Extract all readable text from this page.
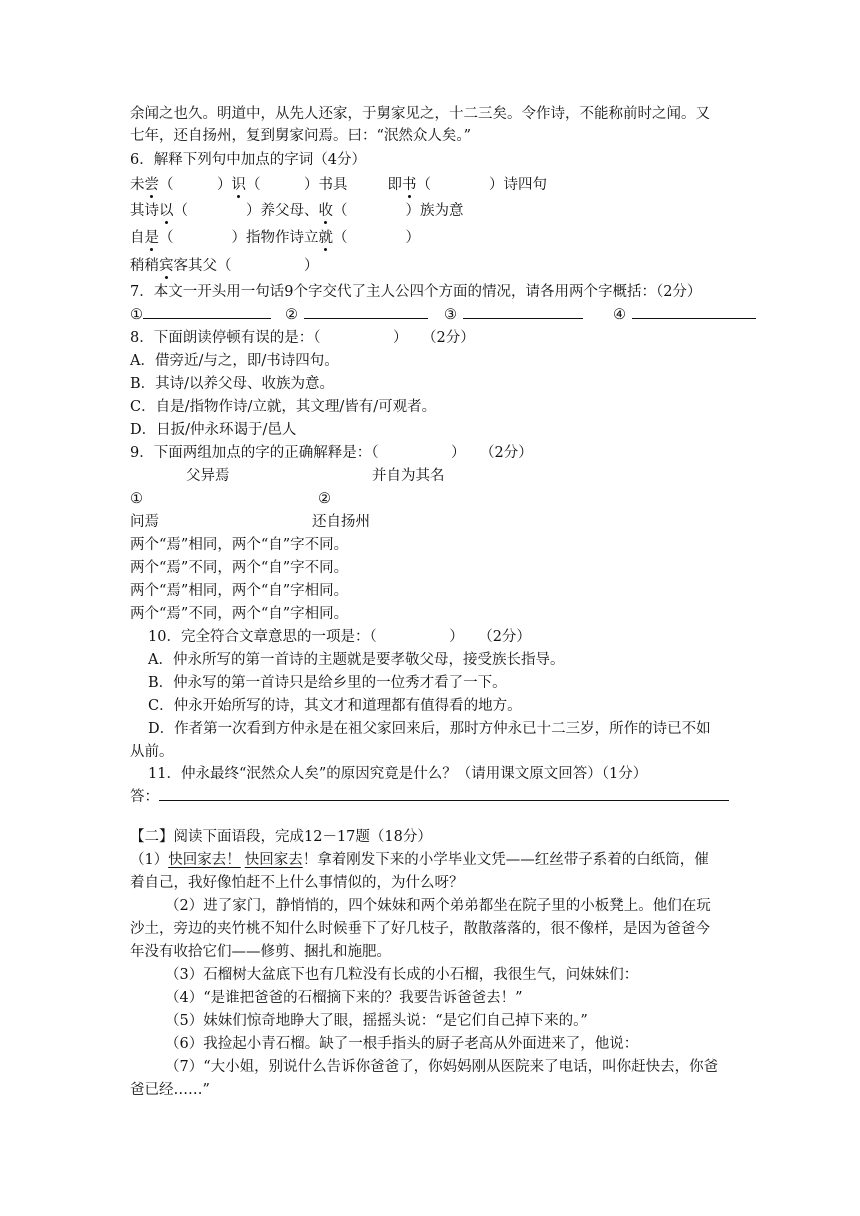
余闻之也久。明道中，从先人还家，于舅家见之，十二三矣。令作诗，不能称前时之闻。又
七年，还自扬州，复到舅家问焉。曰：“泯然众人矣。”
6．解释下列句中加点的字词（4分）
未尝（　　　）识（　　　）书具	即书（　　　　）诗四句
其诗以（　　　　）养父母、收（　　　　）族为意
自是（　　　　）指物作诗立就（　　　　）
稍稍宾客其父（　　　　　）
7．本文一开头用一句话9个字交代了主人公四个方面的情况，请各用两个字概括：（2分）
①	②	③	④
8．下面朗读停顿有误的是：（　　　　　）　　（2分）
A．借旁近/与之，即/书诗四句。
B．其诗/以养父母、收族为意。
C．自是/指物作诗/立就，其文理/皆有/可观者。
D．日扳/仲永环谒于/邑人
9．下面两组加点的字的正确解释是：（　　　　　）　　（2分）
父异焉	并自为其名
①	②
问焉	还自扬州
两个“焉”相同，两个“自”字不同。
两个“焉”不同，两个“自”字不同。
两个“焉”相同，两个“自”字相同。
两个“焉”不同，两个“自”字相同。
10．完全符合文章意思的一项是：（　　　　　）　　（2分）
A．仲永所写的第一首诗的主题就是要孝敬父母，接受族长指导。
B．仲永写的第一首诗只是给乡里的一位秀才看了一下。
C．仲永开始所写的诗，其文才和道理都有值得看的地方。
D．作者第一次看到方仲永是在祖父家回来后，那时方仲永已十二三岁，所作的诗已不如
从前。
11．仲永最终“泯然众人矣”的原因究竟是什么？（请用课文原文回答）（1分）
答：
【二】阅读下面语段，完成12－17题（18分）
（1）快回家去！ 快回家去！拿着刚发下来的小学毕业文凭——红丝带子系着的白纸筒，催
着自己，我好像怕赶不上什么事情似的，为什么呀？
（2）进了家门，静悄悄的，四个妹妹和两个弟弟都坐在院子里的小板凳上。他们在玩
沙土，旁边的夹竹桃不知什么时候垂下了好几枝子，散散落落的，很不像样，是因为爸爸今
年没有收拾它们——修剪、捆扎和施肥。
（3）石榴树大盆底下也有几粒没有长成的小石榴，我很生气，问妹妹们：
（4）“是谁把爸爸的石榴摘下来的？我要告诉爸爸去！”
（5）妹妹们惊奇地睁大了眼，摇摇头说：“是它们自己掉下来的。”
（6）我捡起小青石榴。缺了一根手指头的厨子老高从外面进来了，他说：
（7）“大小姐，别说什么告诉你爸爸了，你妈妈刚从医院来了电话，叫你赶快去，你爸
爸已经……”
